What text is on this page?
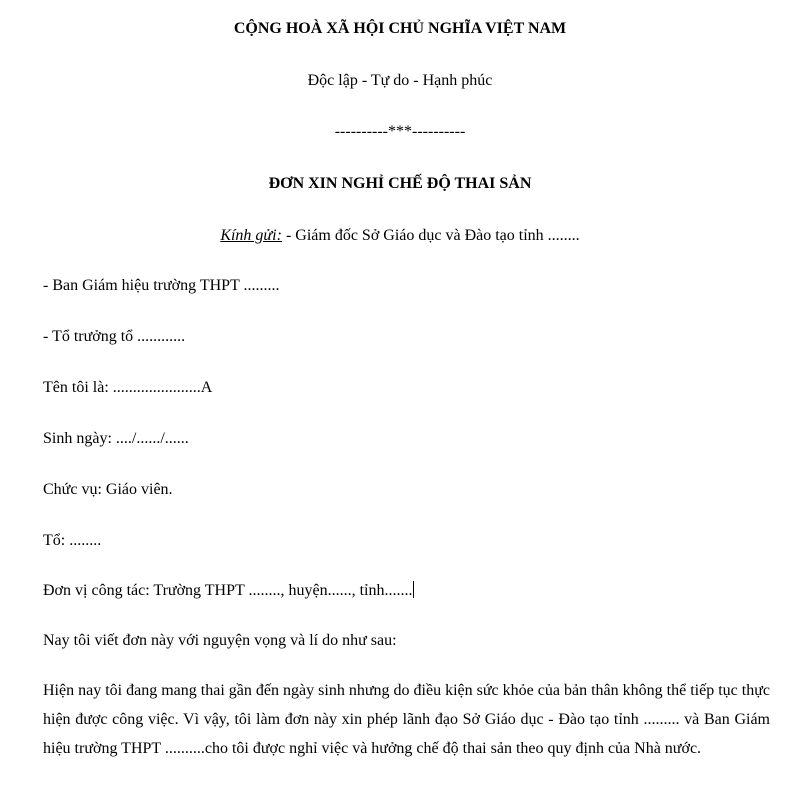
CỘNG HOÀ XÃ HỘI CHỦ NGHĨA VIỆT NAM
Độc lập - Tự do - Hạnh phúc
----------***----------
ĐƠN XIN NGHỈ CHẾ ĐỘ THAI SẢN
Kính gửi: - Giám đốc Sở Giáo dục và Đào tạo tỉnh ........
- Ban Giám hiệu trường THPT .........
- Tổ trưởng tổ ............
Tên tôi là: ......................A
Sinh ngày: ..../....../......
Chức vụ: Giáo viên.
Tổ: ........
Đơn vị công tác: Trường THPT ........, huyện......, tỉnh.......
Nay tôi viết đơn này với nguyện vọng và lí do như sau:
Hiện nay tôi đang mang thai gần đến ngày sinh nhưng do điều kiện sức khỏe của bản thân không thể tiếp tục thực hiện được công việc. Vì vậy, tôi làm đơn này xin phép lãnh đạo Sở Giáo dục - Đào tạo tỉnh ......... và Ban Giám hiệu trường THPT ..........cho tôi được nghỉ việc và hưởng chế độ thai sản theo quy định của Nhà nước.
